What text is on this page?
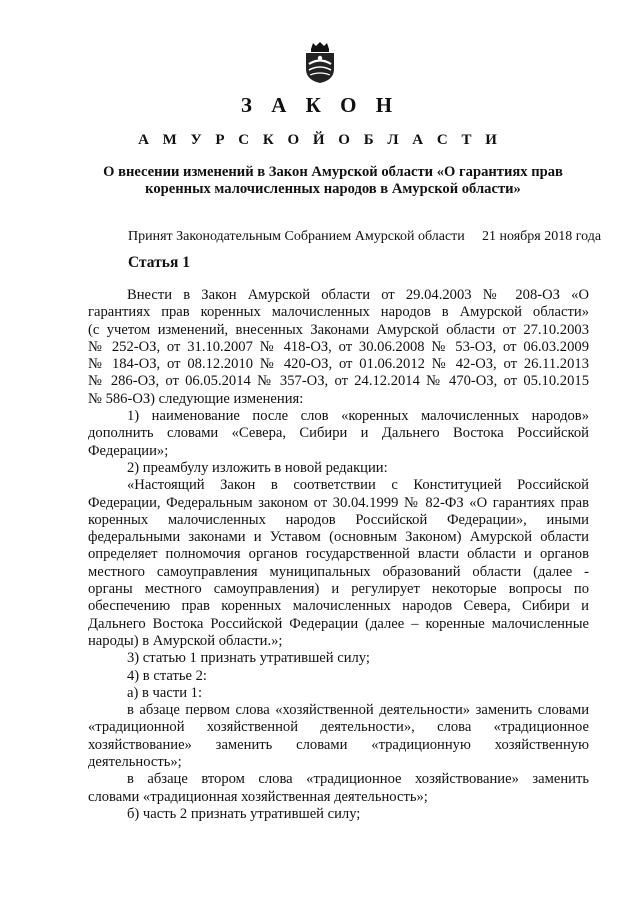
З А К О Н
А М У Р С К О Й О Б Л А С Т И
О внесении изменений в Закон Амурской области «О гарантиях прав
коренных малочисленных народов в Амурской области»
Принят Законодательным Собранием Амурской области 21 ноября 2018 года
Статья 1
Внести в Закон Амурской области от 29.04.2003 № 208-ОЗ «О
гарантиях прав коренных малочисленных народов в Амурской области»
(с учетом изменений, внесенных Законами Амурской области от 27.10.2003
№ 252-ОЗ, от 31.10.2007 № 418-ОЗ, от 30.06.2008 № 53-ОЗ, от 06.03.2009
№ 184-ОЗ, от 08.12.2010 № 420-ОЗ, от 01.06.2012 № 42-ОЗ, от 26.11.2013
№ 286-ОЗ, от 06.05.2014 № 357-ОЗ, от 24.12.2014 № 470-ОЗ, от 05.10.2015
№ 586-ОЗ) следующие изменения:
1) наименование после слов «коренных малочисленных народов»
дополнить словами «Севера, Сибири и Дальнего Востока Российской
Федерации»;
2) преамбулу изложить в новой редакции:
«Настоящий Закон в соответствии с Конституцией Российской
Федерации, Федеральным законом от 30.04.1999 № 82-ФЗ «О гарантиях прав
коренных малочисленных народов Российской Федерации», иными
федеральными законами и Уставом (основным Законом) Амурской области
определяет полномочия органов государственной власти области и органов
местного самоуправления муниципальных образований области (далее -
органы местного самоуправления) и регулирует некоторые вопросы по
обеспечению прав коренных малочисленных народов Севера, Сибири и
Дальнего Востока Российской Федерации (далее – коренные малочисленные
народы) в Амурской области.»;
3) статью 1 признать утратившей силу;
4) в статье 2:
а) в части 1:
в абзаце первом слова «хозяйственной деятельности» заменить словами
«традиционной хозяйственной деятельности», слова «традиционное
хозяйствование» заменить словами «традиционную хозяйственную
деятельность»;
в абзаце втором слова «традиционное хозяйствование» заменить
словами «традиционная хозяйственная деятельность»;
б) часть 2 признать утратившей силу;
